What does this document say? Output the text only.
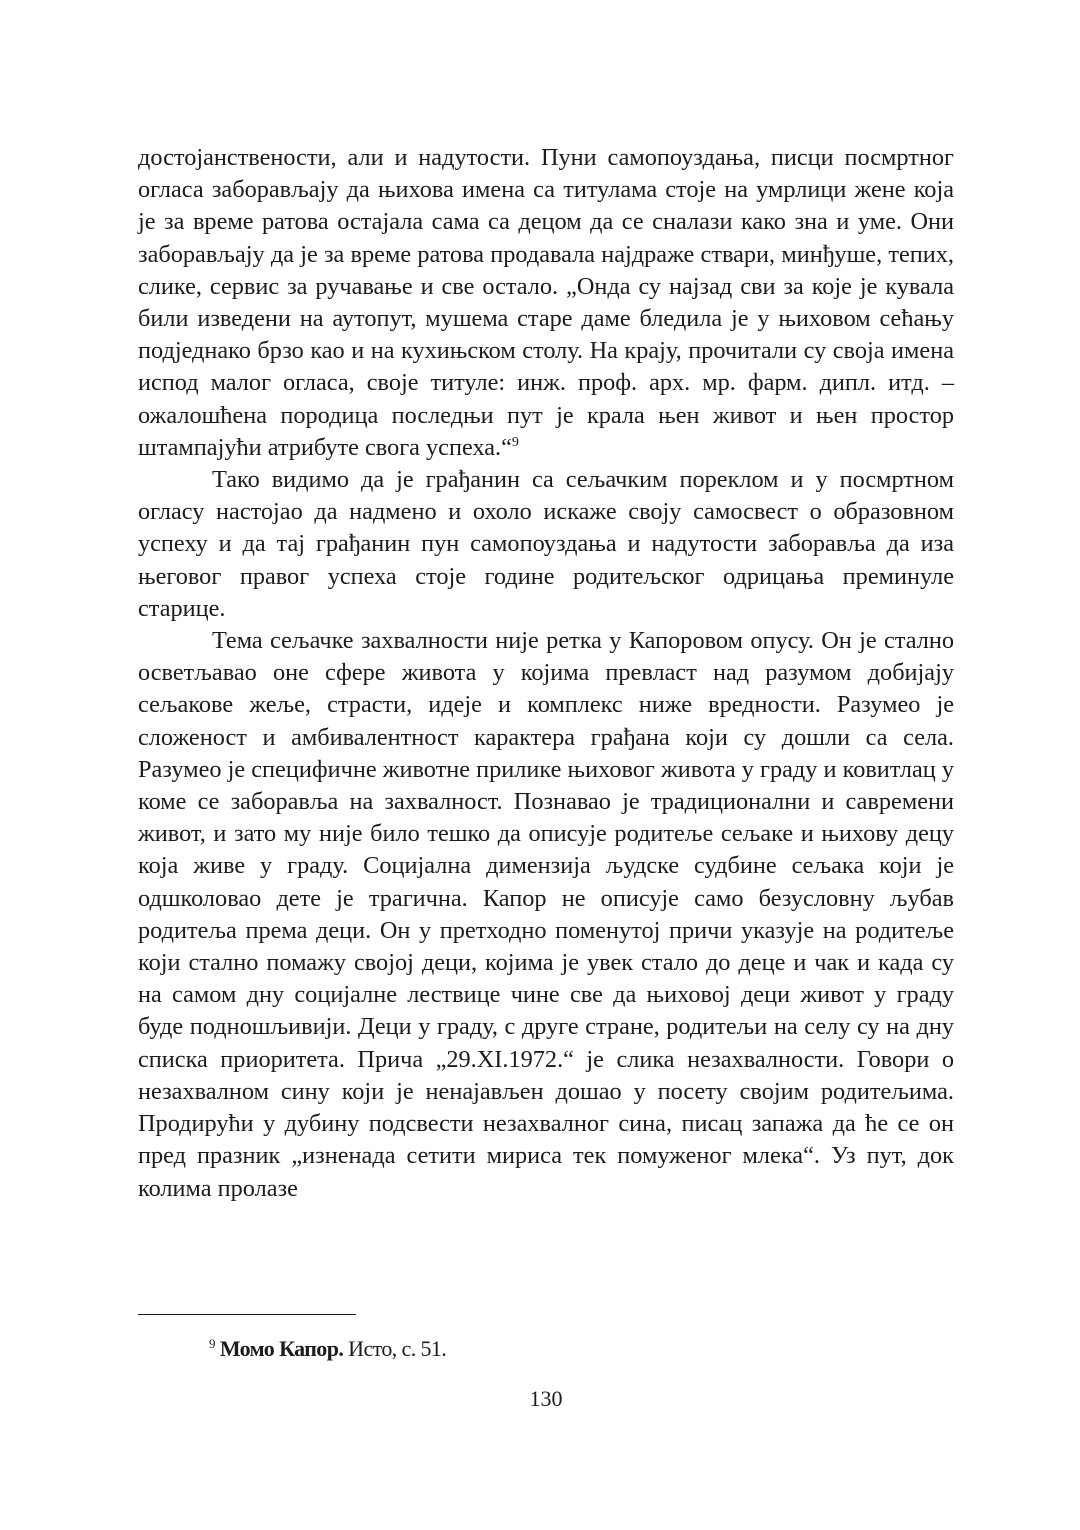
достојанствености, али и надутости. Пуни самопоуздања, писци посмртног огласа заборављају да њихова имена са титулама стоје на умрлици жене која је за време ратова остајала сама са децом да се сналази како зна и уме. Они заборављају да је за време ратова продавала најдраже ствари, минђуше, тепих, слике, сервис за ручавање и све остало. „Онда су најзад сви за које је кувала били изведени на аутопут, мушема старе даме бледила је у њиховом сећању подједнако брзо као и на кухињском столу. На крају, прочитали су своја имена испод малог огласа, своје титуле: инж. проф. арх. мр. фарм. дипл. итд. – ожалошћена породица последњи пут је крала њен живот и њен простор штампајући атрибуте свога успеха.“$^9$

Тако видимо да је грађанин са сељачким пореклом и у посмртном огласу настојао да надмено и охоло искаже своју самосвест о образовном успеху и да тај грађанин пун самопоуздања и надутости заборавља да иза његовог правог успеха стоје године родитељског одрицања преминуле старице.

Тема сељачке захвалности није ретка у Капоровом опусу. Он је стално осветљавао оне сфере живота у којима превласт над разумом добијају сељакове жеље, страсти, идеје и комплекс ниже вредности. Разумео је сложеност и амбивалентност карактера грађана који су дошли са села. Разумео је специфичне животне прилике њиховог живота у граду и ковитлац у коме се заборавља на захвалност. Познавао је традиционални и савремени живот, и зато му није било тешко да описује родитеље сељаке и њихову децу која живе у граду. Социјална димензија људске судбине сељака који је одшколовао дете је трагична. Капор не описује само безусловну љубав родитеља према деци. Он у претходно поменутој причи указује на родитеље који стално помажу својој деци, којима је увек стало до деце и чак и када су на самом дну социјалне лествице чине све да њиховој деци живот у граду буде подношљивији. Деци у граду, с друге стране, родитељи на селу су на дну списка приоритета. Прича „29.XI.1972.“ је слика незахвалности. Говори о незахвалном сину који је ненајављен дошао у посету својим родитељима. Продирући у дубину подсвести незахвалног сина, писац запажа да ће се он пред празник „изненада сетити мириса тек помуженог млека“. Уз пут, док колима пролазе

$^9$ Момо Капор. Исто, с. 51.
130
